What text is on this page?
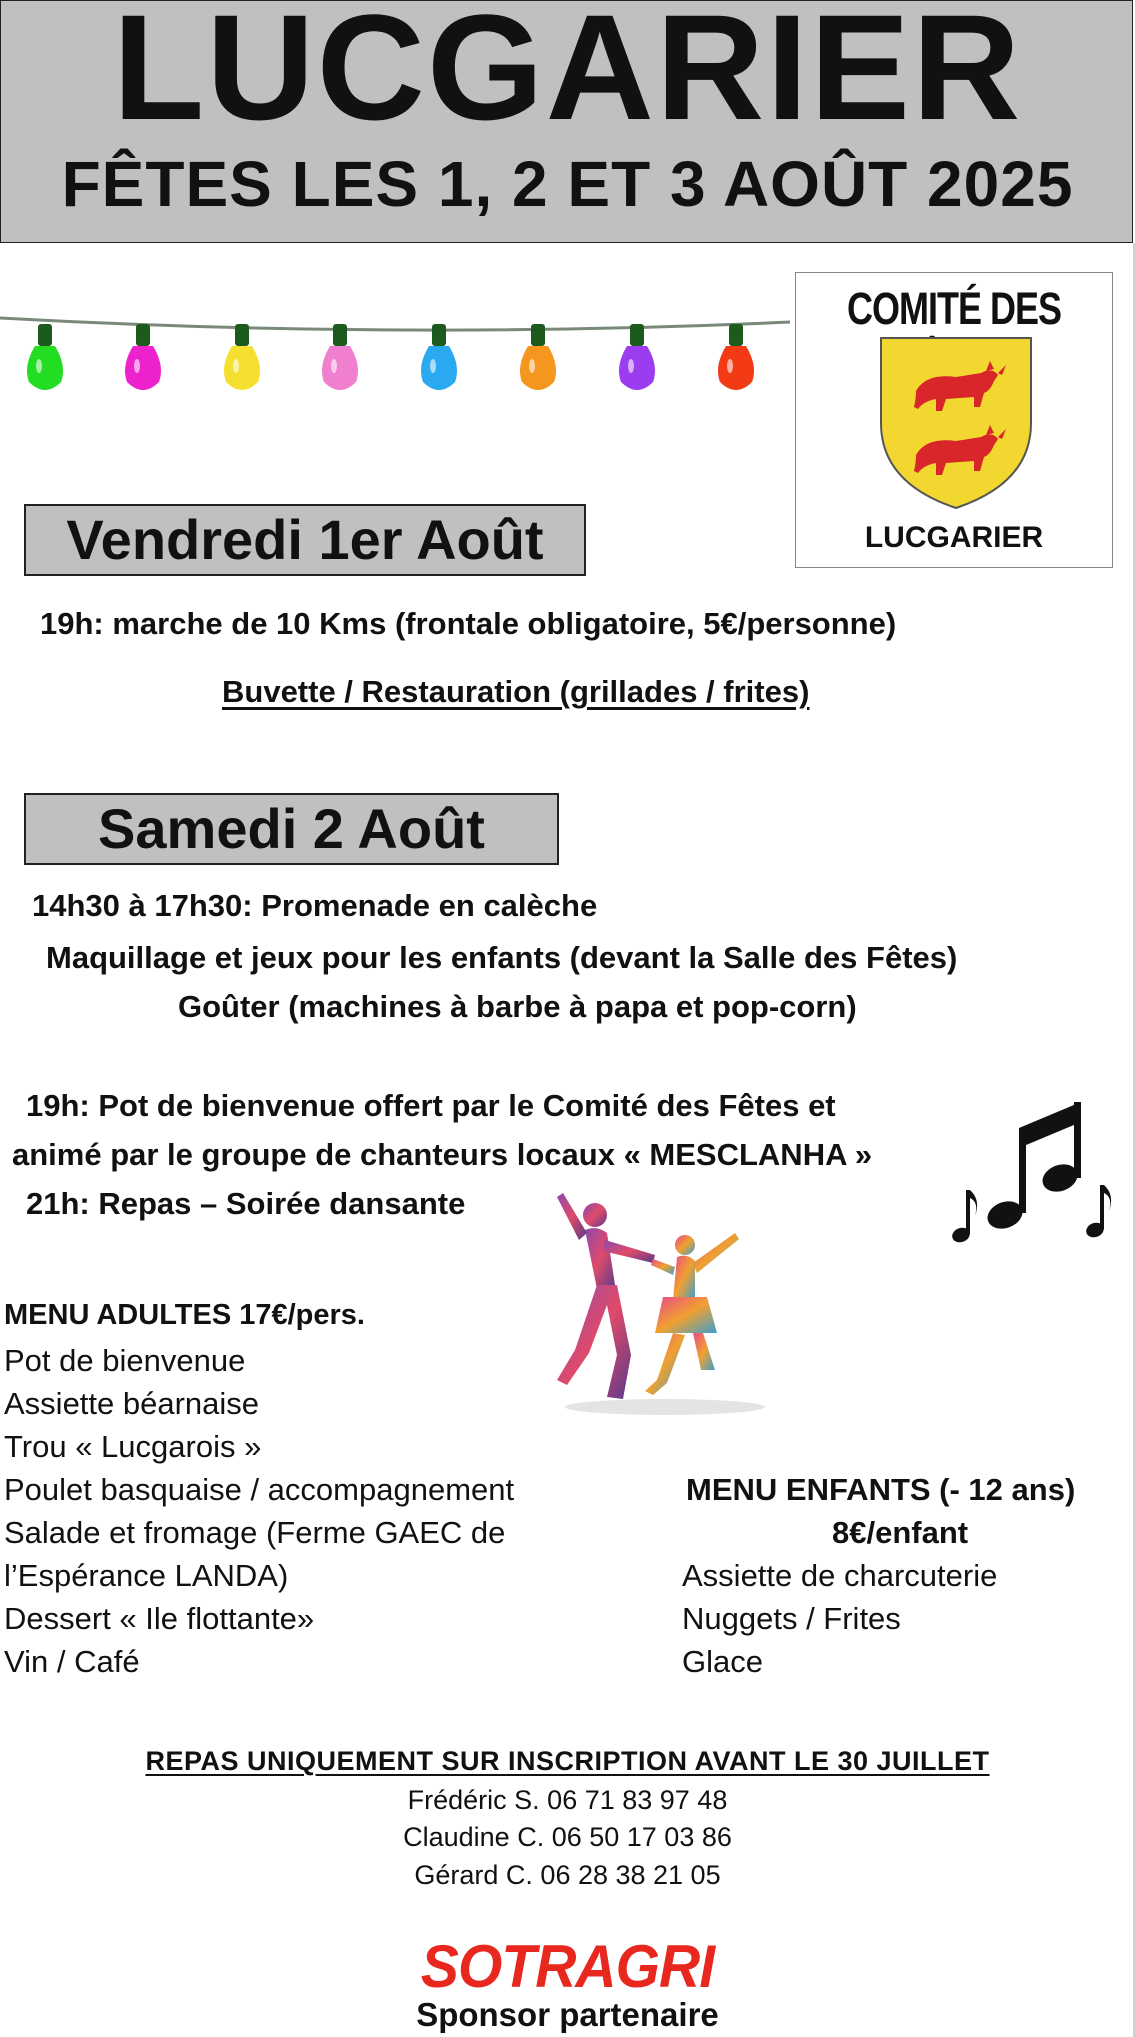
LUCGARIER
FÊTES LES 1, 2 ET 3 AOÛT 2025
COMITÉ DES
LUCGARIER
Vendredi 1er Août
19h: marche de 10 Kms (frontale obligatoire, 5€/personne)
Buvette / Restauration (grillades / frites)
Samedi 2 Août
14h30 à 17h30: Promenade en calèche
Maquillage et jeux pour les enfants (devant la Salle des Fêtes)
Goûter (machines à barbe à papa et pop-corn)
19h: Pot de bienvenue offert par le Comité des Fêtes et
animé par le groupe de chanteurs locaux « MESCLANHA »
21h: Repas – Soirée dansante
MENU ADULTES 17€/pers.
Pot de bienvenue
Assiette béarnaise
Trou « Lucgarois »
Poulet basquaise / accompagnement
Salade et fromage (Ferme GAEC de
l’Espérance LANDA)
Dessert « Ile flottante»
Vin / Café
MENU ENFANTS (- 12 ans)
8€/enfant
Assiette de charcuterie
Nuggets / Frites
Glace
REPAS UNIQUEMENT SUR INSCRIPTION AVANT LE 30 JUILLET
Frédéric S. 06 71 83 97 48
Claudine C. 06 50 17 03 86
Gérard C. 06 28 38 21 05
SOTRAGRI
Sponsor partenaire
